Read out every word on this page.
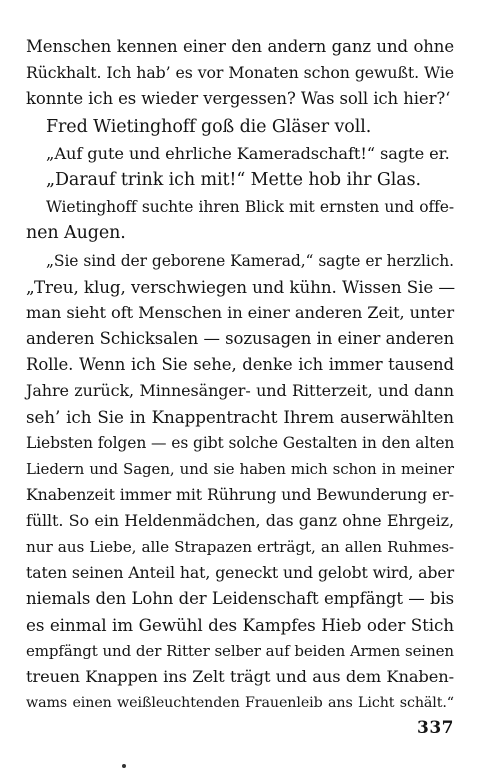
Menschen kennen einer den andern ganz und ohne
Rückhalt. Ich hab’ es vor Monaten schon gewußt. Wie
konnte ich es wieder vergessen? Was soll ich hier?‘
Fred Wietinghoff goß die Gläser voll.
„Auf gute und ehrliche Kameradschaft!“ sagte er.
„Darauf trink ich mit!“ Mette hob ihr Glas.
Wietinghoff suchte ihren Blick mit ernsten und offe-
nen Augen.
„Sie sind der geborene Kamerad,“ sagte er herzlich.
„Treu, klug, verschwiegen und kühn. Wissen Sie —
man sieht oft Menschen in einer anderen Zeit, unter
anderen Schicksalen — sozusagen in einer anderen
Rolle. Wenn ich Sie sehe, denke ich immer tausend
Jahre zurück, Minnesänger- und Ritterzeit, und dann
seh’ ich Sie in Knappentracht Ihrem auserwählten
Liebsten folgen — es gibt solche Gestalten in den alten
Liedern und Sagen, und sie haben mich schon in meiner
Knabenzeit immer mit Rührung und Bewunderung er-
füllt. So ein Heldenmädchen, das ganz ohne Ehrgeiz,
nur aus Liebe, alle Strapazen erträgt, an allen Ruhmes-
taten seinen Anteil hat, geneckt und gelobt wird, aber
niemals den Lohn der Leidenschaft empfängt — bis
es einmal im Gewühl des Kampfes Hieb oder Stich
empfängt und der Ritter selber auf beiden Armen seinen
treuen Knappen ins Zelt trägt und aus dem Knaben-
wams einen weißleuchtenden Frauenleib ans Licht schält.“
337
